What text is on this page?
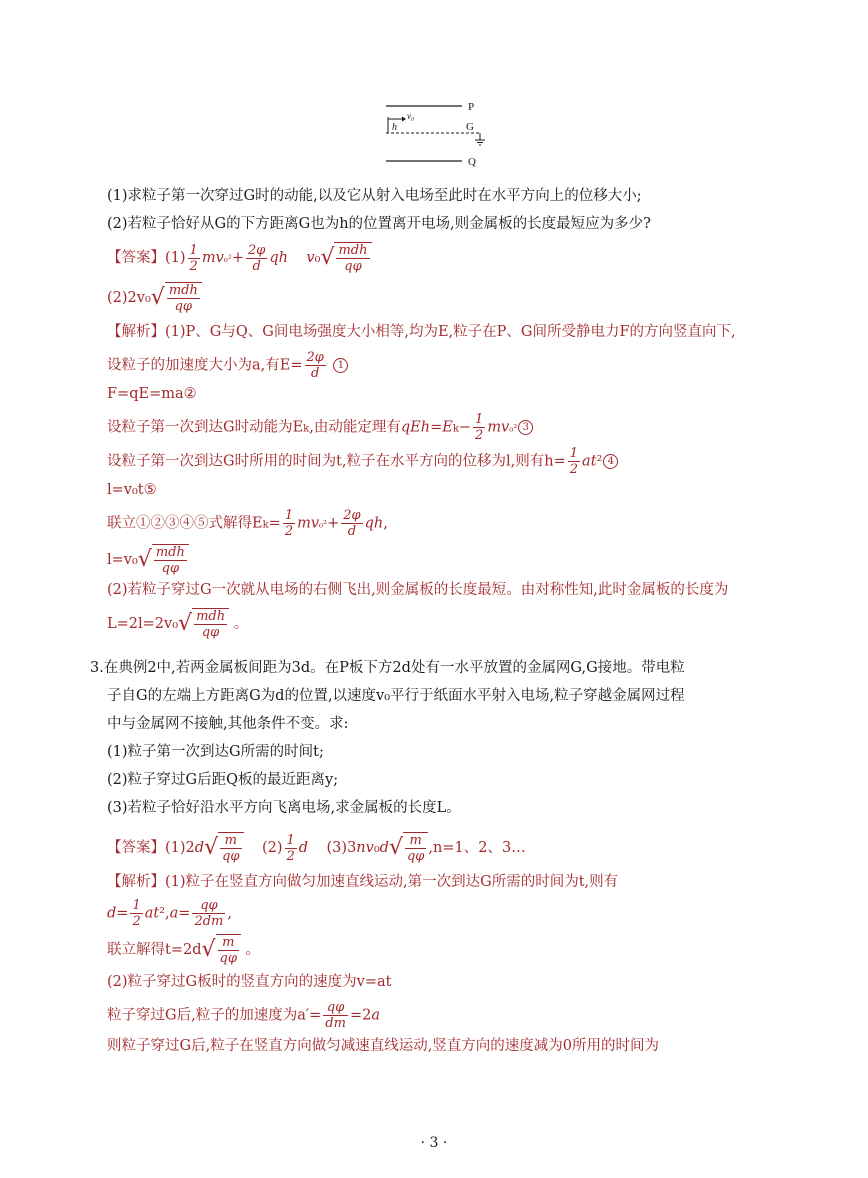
P
v₀
h	G
Q
(1)求粒子第一次穿过G时的动能,以及它从射入电场至此时在水平方向上的位移大小;
(2)若粒子恰好从G的下方距离G也为h的位置离开电场,则金属板的长度最短应为多少?
【答案】$(1) \frac{1}{2} mv_0^2+ \frac{2\varphi}{d}$ qh $v_0√ \frac{\text{mdh}}{q\varphi}$
$(2)2v_0√ \frac{\text{mdh}}{q\varphi}$
【解析】(1)P、G与Q、G间电场强度大小相等,均为E,粒子在P、G间所受静电力F的方向竖直向下,
设粒子的加速度大小为a,有$E= \frac{2\varphi}{d} 1$
F=qE=ma②
设粒子第一次到达G时动能为Ek,由动能定理有$qEh=Ek- \frac{1}{2} mv_0^2$ 3
设粒子第一次到达G时所用的时间为t,粒子在水平方向的位移为l,则有$h= \frac{1}{2} at^2$ 4
l=v₀t⑤
联立①②③④⑤式解得$Ek= \frac{1}{2} mv_0^2+ \frac{2\varphi}{d}$ qh,
$l=v_0√ \frac{\text{mdh}}{q\varphi}$
(2)若粒子穿过G一次就从电场的右侧飞出,则金属板的长度最短。由对称性知,此时金属板的长度为
$L=2l=2v_0√ \frac{\text{mdh}}{q\varphi}$ 。
3.在典例2中,若两金属板间距为3d。在P板下方2d处有一水平放置的金属网G,G接地。带电粒
子自G的左端上方距离G为d的位置,以速度v₀平行于纸面水平射入电场,粒子穿越金属网过程
中与金属网不接触,其他条件不变。求:
(1)粒子第一次到达G所需的时间t;
(2)粒子穿过G后距Q板的最近距离y;
(3)若粒子恰好沿水平方向飞离电场,求金属板的长度L。
【答案】$(1)2d√ \frac{m}{q\varphi} (2) \frac{1}{2}$ d    $(3)3nv_0d√ \frac{m}{q\varphi} ,n=1$、2、3…
【解析】(1)粒子在竖直方向做匀加速直线运动,第一次到达G所需的时间为t,则有
$d= \frac{1}{2} at^2,a= \frac{q\varphi}{2dm}$ ,
联立解得$t=2d√ \frac{m}{q\varphi}$ 。
(2)粒子穿过G板时的竖直方向的速度为v=at
粒子穿过G后,粒子的加速度为$a'= \frac{q\varphi}{dm} =2a$
则粒子穿过G后,粒子在竖直方向做匀减速直线运动,竖直方向的速度减为0所用的时间为
· 3 ·
